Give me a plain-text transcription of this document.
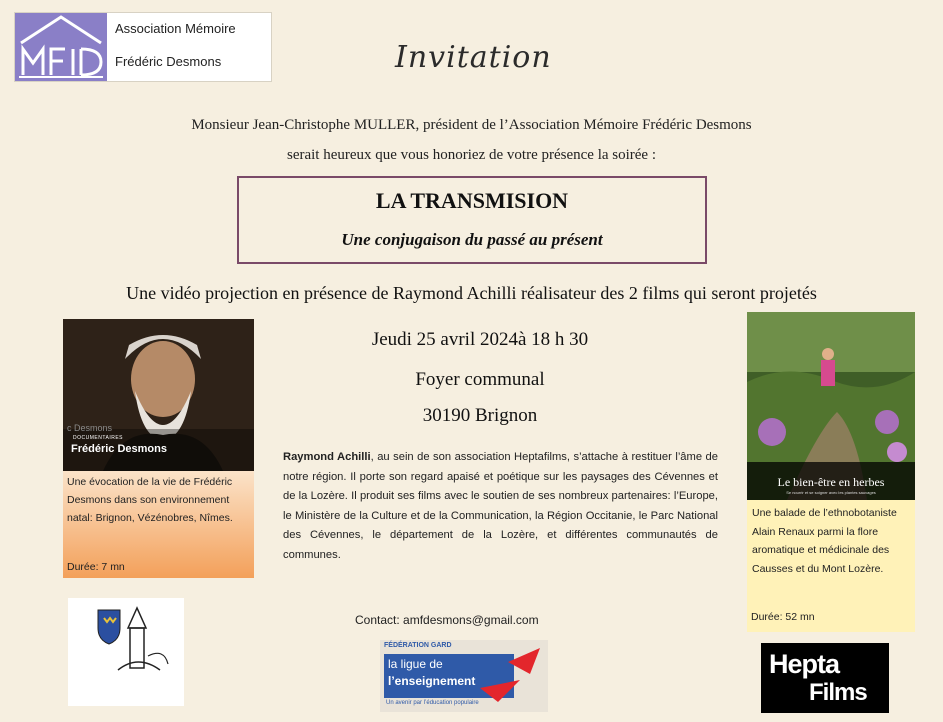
Association Mémoire
Frédéric Desmons	Invitation
Monsieur Jean-Christophe MULLER, président de l’Association Mémoire Frédéric Desmons
serait heureux que vous honoriez de votre présence la soirée :
LA TRANSMISION
Une conjugaison du passé au présent
Une vidéo projection en présence de Raymond Achilli réalisateur des 2 films qui seront projetés
Jeudi 25 avril 2024à 18 h 30
Foyer communal
30190 Brignon
Raymond Achilli, au sein de son association Heptafilms, s’attache à restituer l’âme de notre région. Il porte son regard apaisé et poétique sur les paysages des Cévennes et de la Lozère. Il produit ses films avec le soutien de ses nombreux partenaires: l’Europe, le Ministère de la Culture et de la Communication, la Région Occitanie, le Parc National des Cévennes, le département de la Lozère, et différentes communautés de communes.
Contact: amfdesmons@gmail.com
c Desmons
DOCUMENTAIRES
Frédéric Desmons
Une évocation de la vie de Frédéric Desmons dans son environnement natal: Brignon, Vézénobres, Nîmes.
Durée: 7 mn
Le bien-être en herbes
Se nourrir et se soigner avec les plantes sauvages
Une balade de l’ethnobotaniste Alain Renaux parmi la flore aromatique et médicinale des Causses et du Mont Lozère.
Durée: 52 mn
FÉDÉRATION GARD
la ligue de
l’enseignement
Un avenir par l’éducation populaire
Hepta
Films
